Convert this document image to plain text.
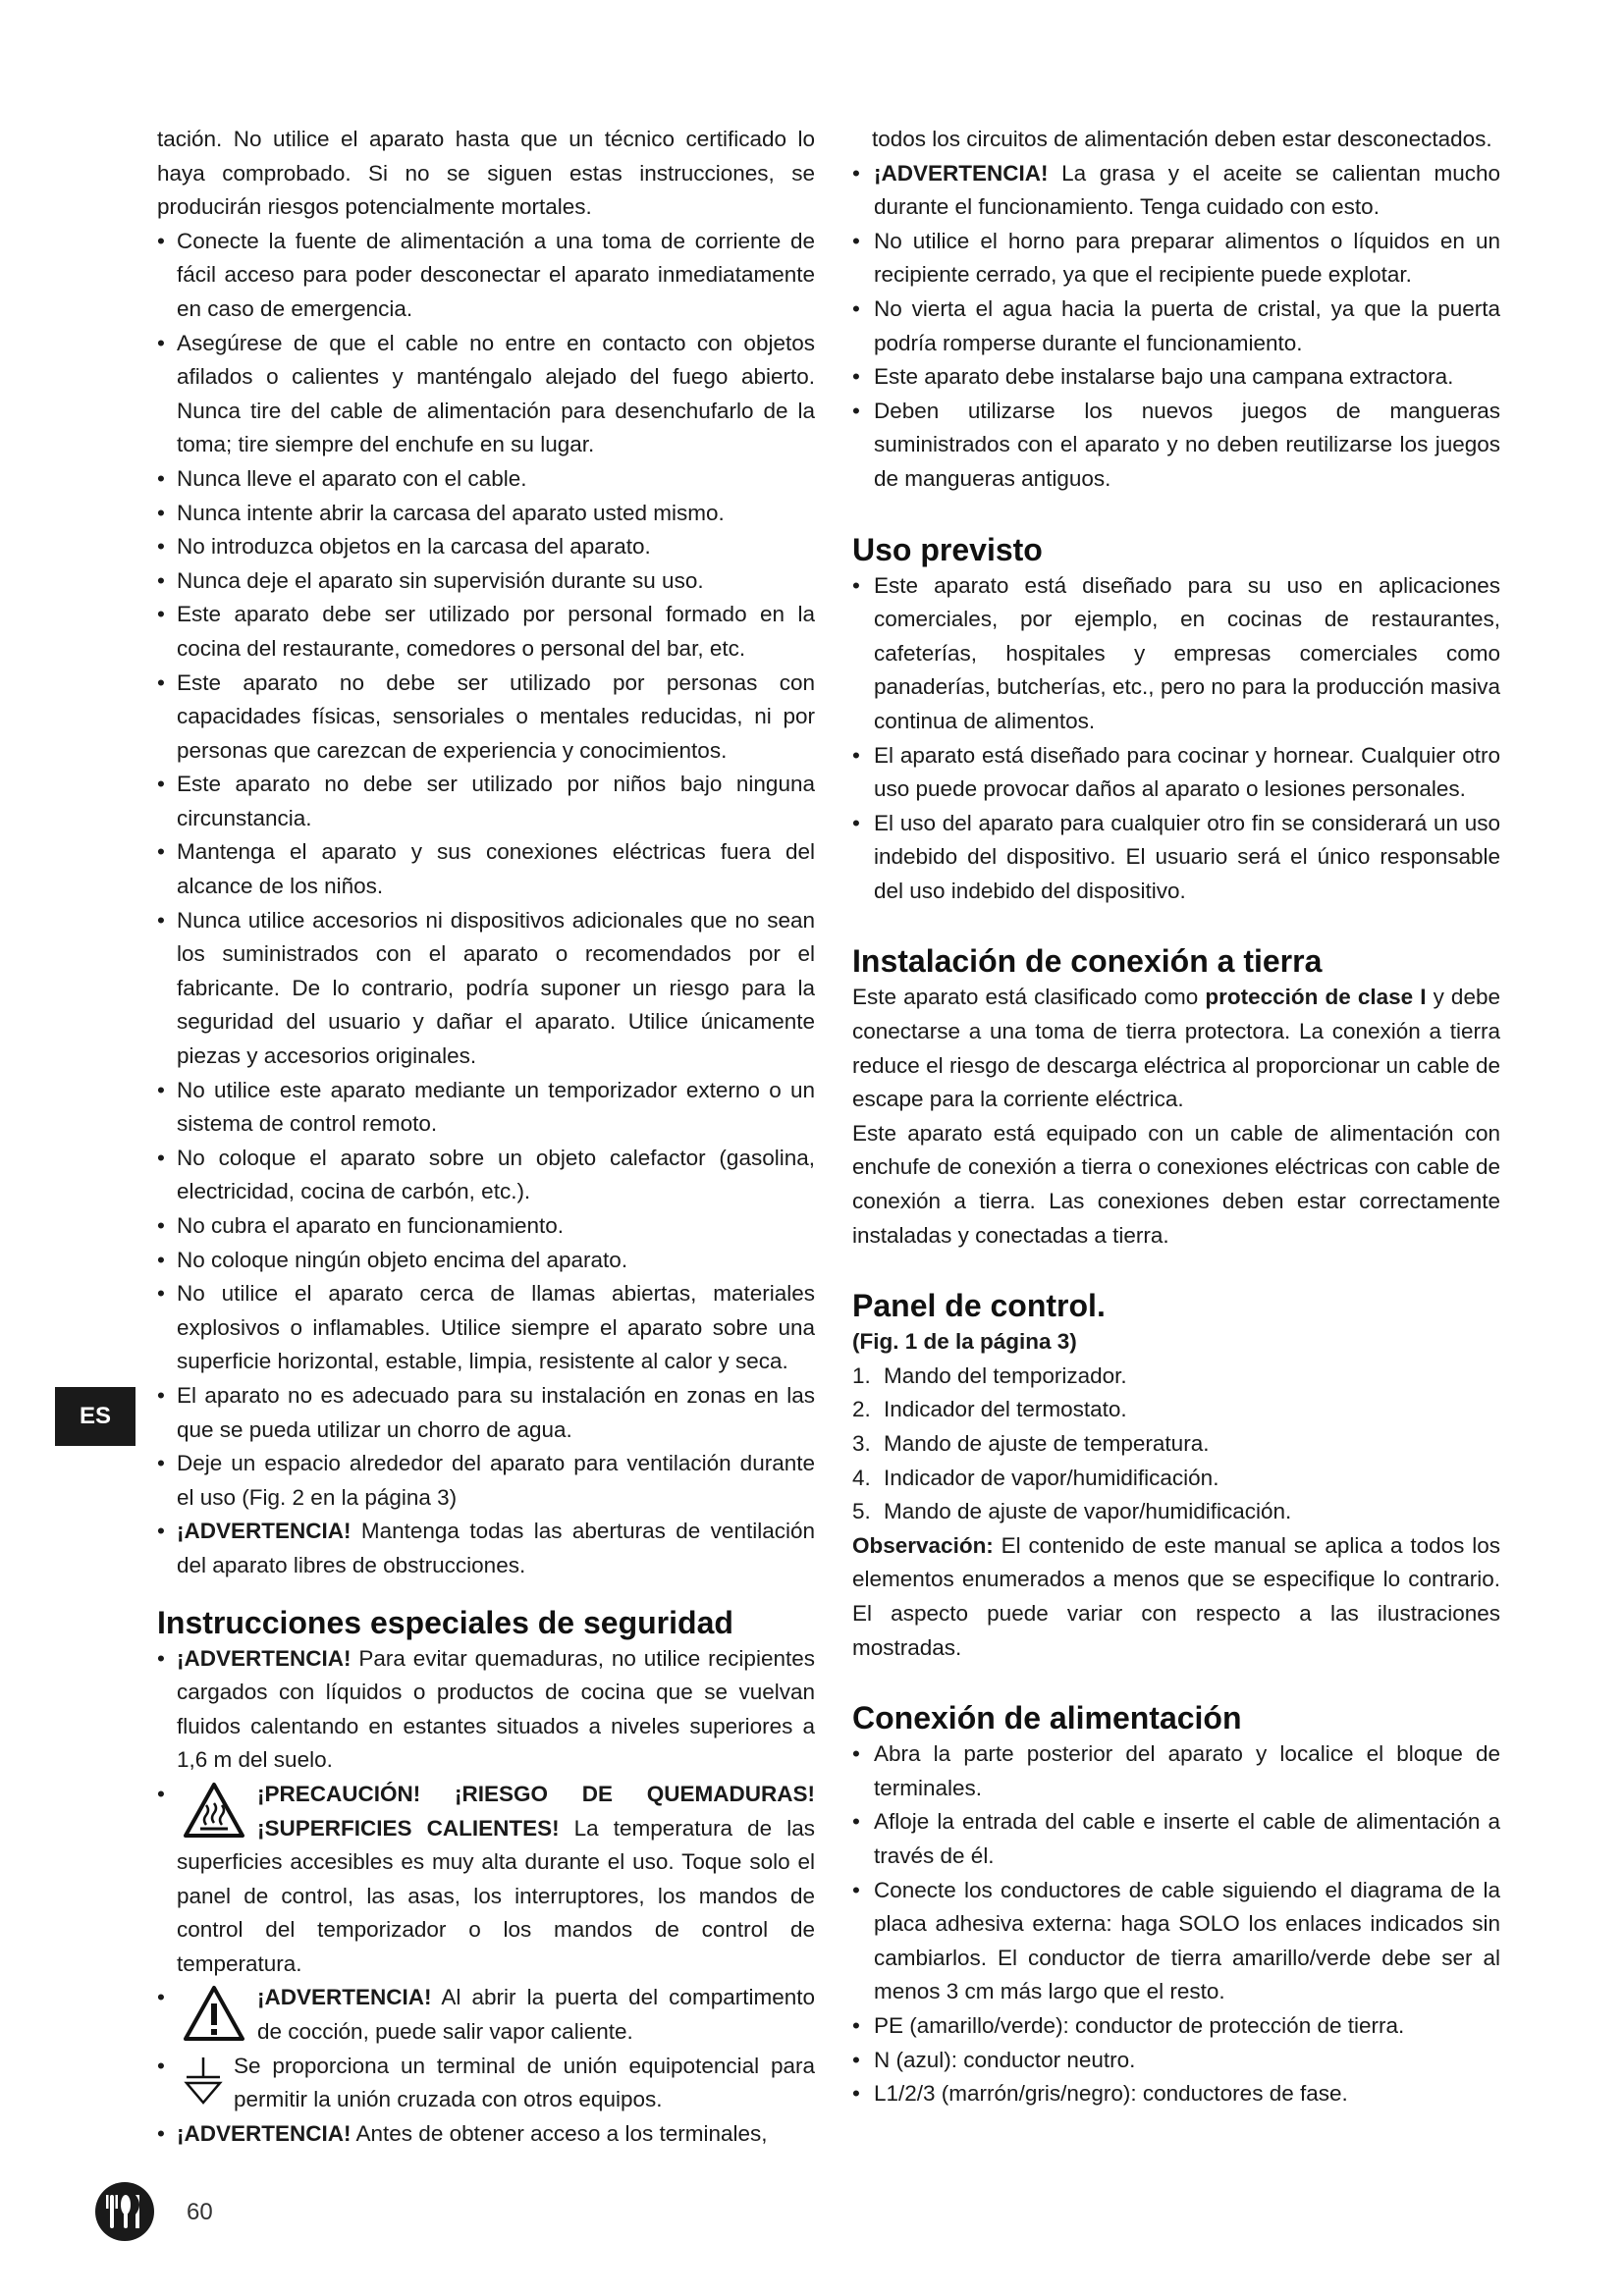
tación. No utilice el aparato hasta que un técnico certificado lo haya comprobado. Si no se siguen estas instrucciones, se producirán riesgos potencialmente mortales.

• Conecte la fuente de alimentación a una toma de corriente de fácil acceso para poder desconectar el aparato inmediatamente en caso de emergencia.
• Asegúrese de que el cable no entre en contacto con objetos afilados o calientes y manténgalo alejado del fuego abierto. Nunca tire del cable de alimentación para desenchufarlo de la toma; tire siempre del enchufe en su lugar.
• Nunca lleve el aparato con el cable.
• Nunca intente abrir la carcasa del aparato usted mismo.
• No introduzca objetos en la carcasa del aparato.
• Nunca deje el aparato sin supervisión durante su uso.
• Este aparato debe ser utilizado por personal formado en la cocina del restaurante, comedores o personal del bar, etc.
• Este aparato no debe ser utilizado por personas con capacidades físicas, sensoriales o mentales reducidas, ni por personas que carezcan de experiencia y conocimientos.
• Este aparato no debe ser utilizado por niños bajo ninguna circunstancia.
• Mantenga el aparato y sus conexiones eléctricas fuera del alcance de los niños.
• Nunca utilice accesorios ni dispositivos adicionales que no sean los suministrados con el aparato o recomendados por el fabricante. De lo contrario, podría suponer un riesgo para la seguridad del usuario y dañar el aparato. Utilice únicamente piezas y accesorios originales.
• No utilice este aparato mediante un temporizador externo o un sistema de control remoto.
• No coloque el aparato sobre un objeto calefactor (gasolina, electricidad, cocina de carbón, etc.).
• No cubra el aparato en funcionamiento.
• No coloque ningún objeto encima del aparato.
• No utilice el aparato cerca de llamas abiertas, materiales explosivos o inflamables. Utilice siempre el aparato sobre una superficie horizontal, estable, limpia, resistente al calor y seca.
• El aparato no es adecuado para su instalación en zonas en las que se pueda utilizar un chorro de agua.
• Deje un espacio alrededor del aparato para ventilación durante el uso (Fig. 2 en la página 3)
• ¡ADVERTENCIA! Mantenga todas las aberturas de ventilación del aparato libres de obstrucciones.
Instrucciones especiales de seguridad
• ¡ADVERTENCIA! Para evitar quemaduras, no utilice recipientes cargados con líquidos o productos de cocina que se vuelvan fluidos calentando en estantes situados a niveles superiores a 1,6 m del suelo.
• ¡PRECAUCIÓN! ¡RIESGO DE QUEMADURAS! ¡SUPERFICIES CALIENTES! La temperatura de las superficies accesibles es muy alta durante el uso. Toque solo el panel de control, las asas, los interruptores, los mandos de control del temporizador o los mandos de control de temperatura.
• ¡ADVERTENCIA! Al abrir la puerta del compartimento de cocción, puede salir vapor caliente.
• Se proporciona un terminal de unión equipotencial para permitir la unión cruzada con otros equipos.
• ¡ADVERTENCIA! Antes de obtener acceso a los terminales,

todos los circuitos de alimentación deben estar desconectados.

• ¡ADVERTENCIA! La grasa y el aceite se calientan mucho durante el funcionamiento. Tenga cuidado con esto.
• No utilice el horno para preparar alimentos o líquidos en un recipiente cerrado, ya que el recipiente puede explotar.
• No vierta el agua hacia la puerta de cristal, ya que la puerta podría romperse durante el funcionamiento.
• Este aparato debe instalarse bajo una campana extractora.
• Deben utilizarse los nuevos juegos de mangueras suministrados con el aparato y no deben reutilizarse los juegos de mangueras antiguos.
Uso previsto
• Este aparato está diseñado para su uso en aplicaciones comerciales, por ejemplo, en cocinas de restaurantes, cafeterías, hospitales y empresas comerciales como panaderías, butcherías, etc., pero no para la producción masiva continua de alimentos.
• El aparato está diseñado para cocinar y hornear. Cualquier otro uso puede provocar daños al aparato o lesiones personales.
• El uso del aparato para cualquier otro fin se considerará un uso indebido del dispositivo. El usuario será el único responsable del uso indebido del dispositivo.
Instalación de conexión a tierra

Este aparato está clasificado como protección de clase I y debe conectarse a una toma de tierra protectora. La conexión a tierra reduce el riesgo de descarga eléctrica al proporcionar un cable de escape para la corriente eléctrica.

Este aparato está equipado con un cable de alimentación con enchufe de conexión a tierra o conexiones eléctricas con cable de conexión a tierra. Las conexiones deben estar correctamente instaladas y conectadas a tierra.

Panel de control.

(Fig. 1 de la página 3)

1. Mando del temporizador.
2. Indicador del termostato.
3. Mando de ajuste de temperatura.
4. Indicador de vapor/humidificación.
5. Mando de ajuste de vapor/humidificación.

Observación: El contenido de este manual se aplica a todos los elementos enumerados a menos que se especifique lo contrario. El aspecto puede variar con respecto a las ilustraciones mostradas.

Conexión de alimentación
• Abra la parte posterior del aparato y localice el bloque de terminales.
• Afloje la entrada del cable e inserte el cable de alimentación a través de él.
• Conecte los conductores de cable siguiendo el diagrama de la placa adhesiva externa: haga SOLO los enlaces indicados sin cambiarlos. El conductor de tierra amarillo/verde debe ser al menos 3 cm más largo que el resto.
• PE (amarillo/verde): conductor de protección de tierra.
• N (azul): conductor neutro.
• L1/2/3 (marrón/gris/negro): conductores de fase.
ES
60
